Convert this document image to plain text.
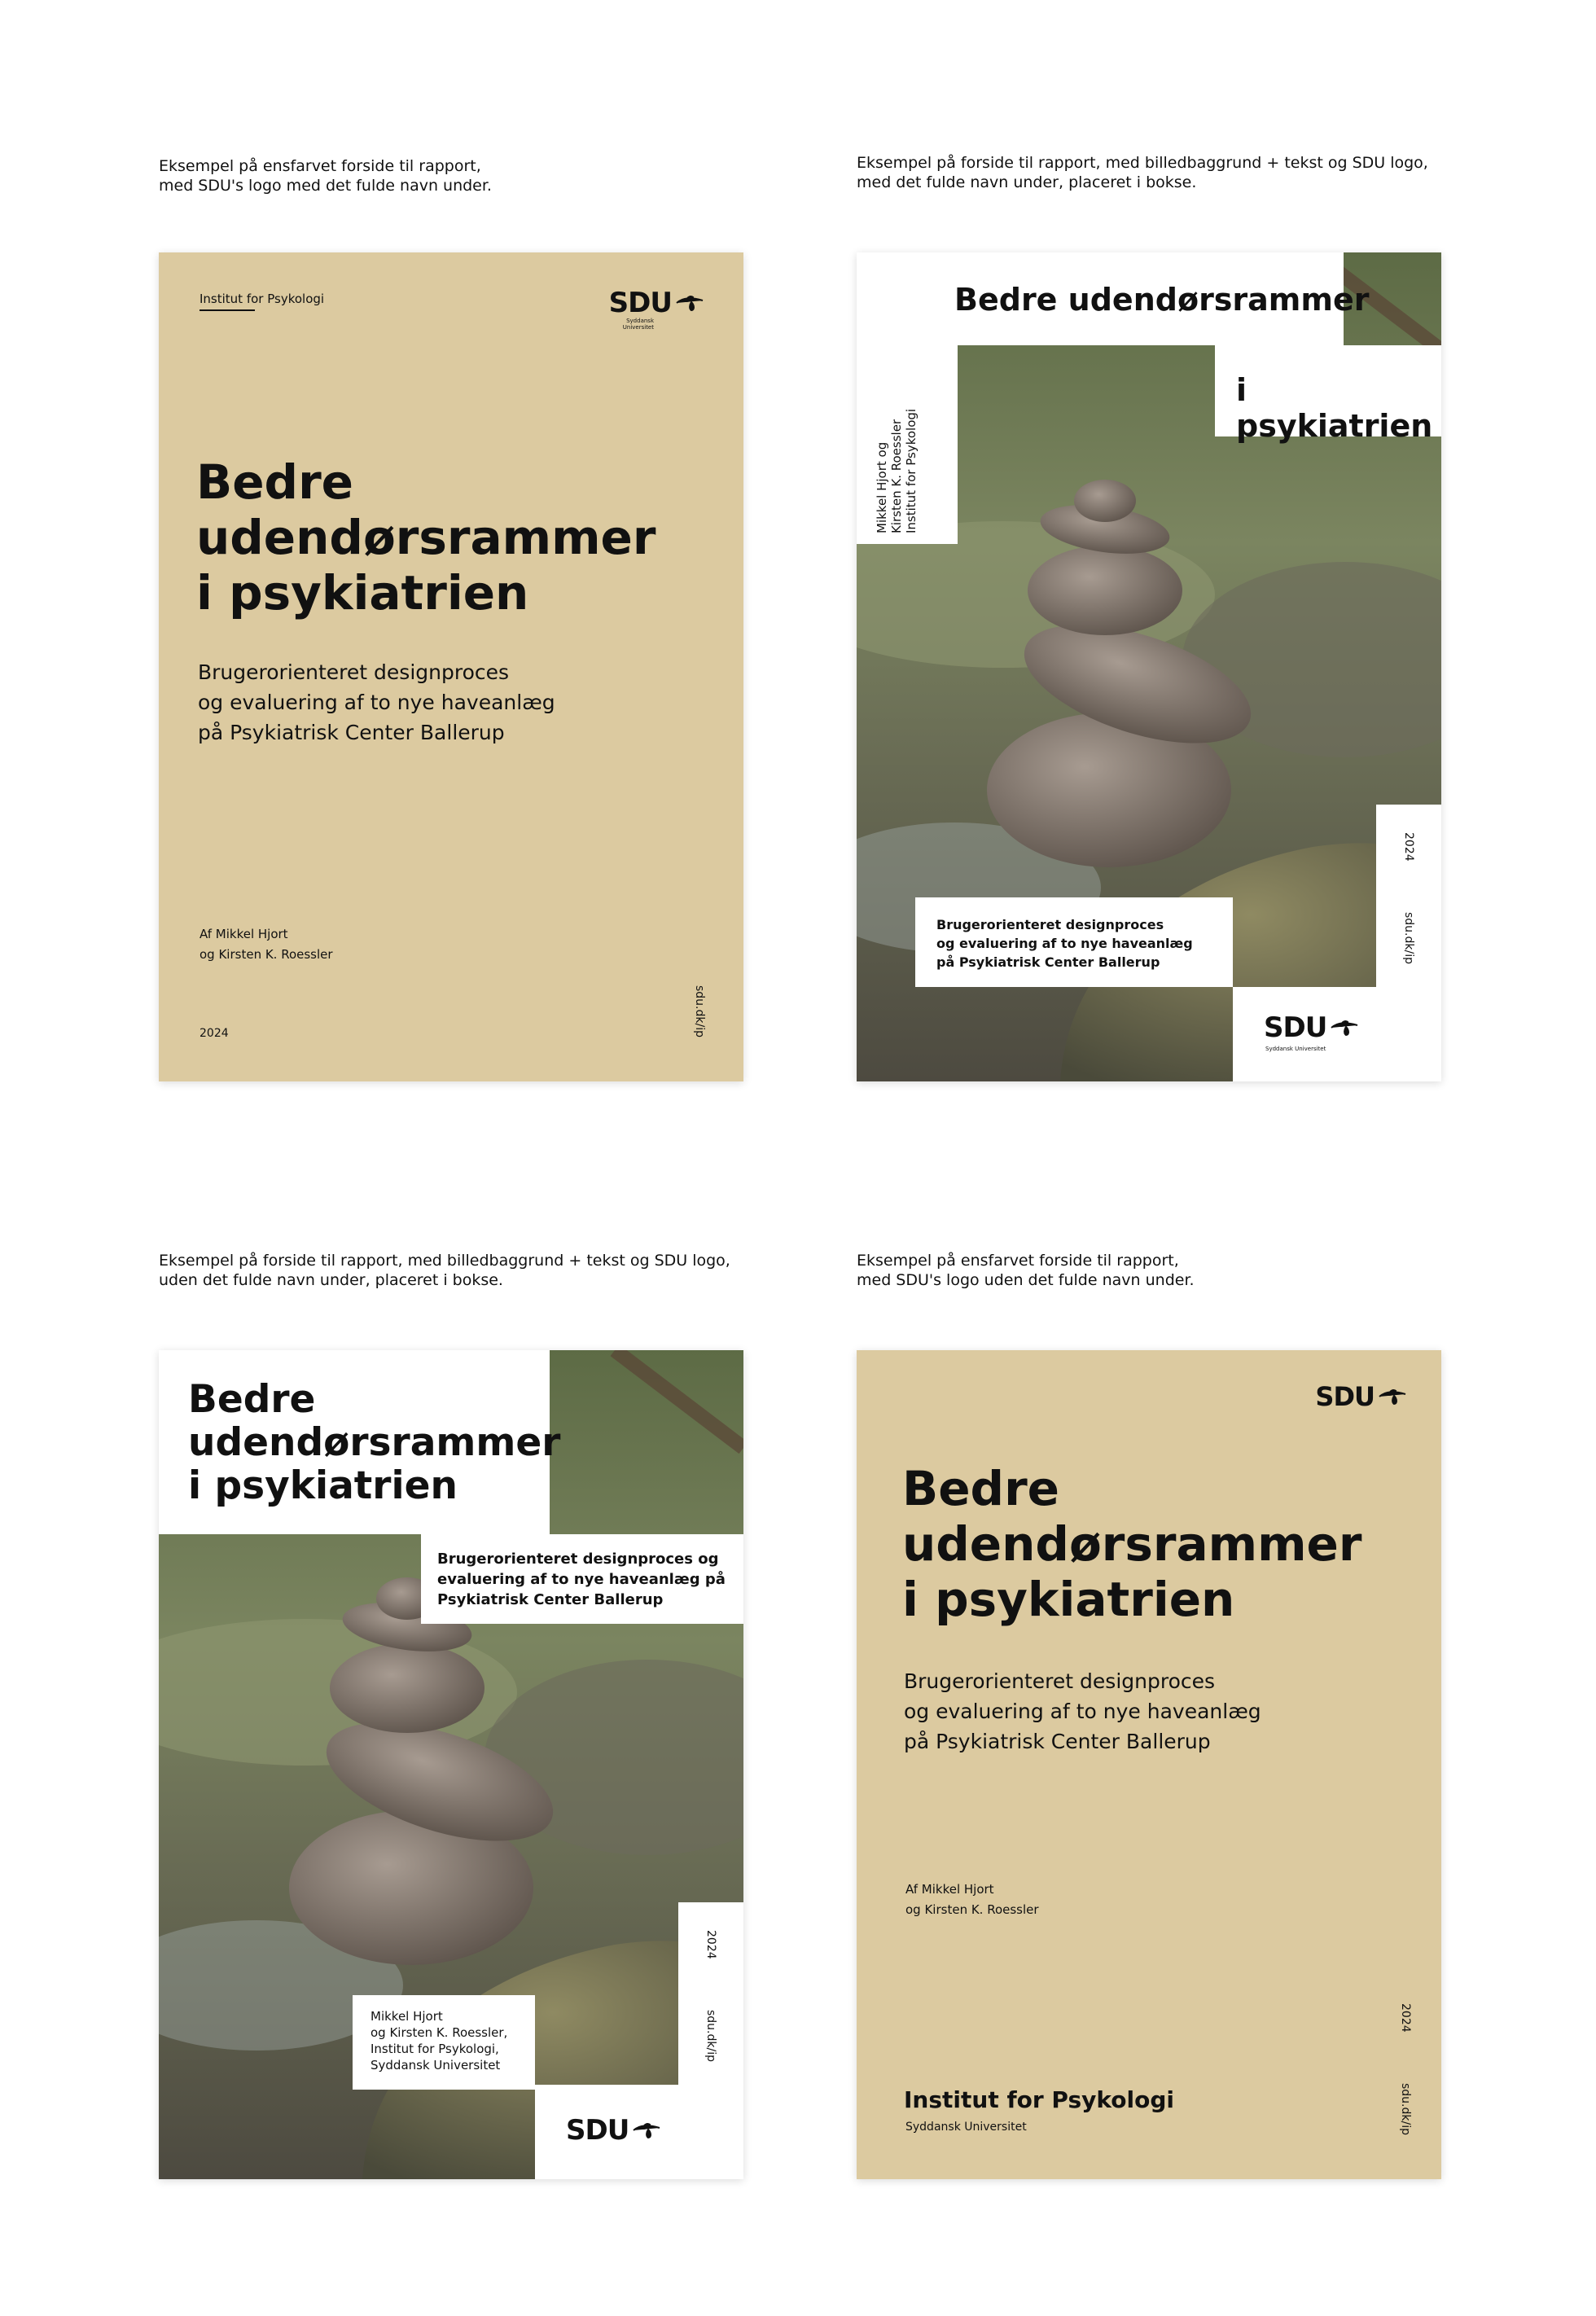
Eksempel på ensfarvet forside til rapport,
med SDU's logo med det fulde navn under.
Eksempel på forside til rapport, med billedbaggrund + tekst og SDU logo,
med det fulde navn under, placeret i bokse.
Eksempel på forside til rapport, med billedbaggrund + tekst og SDU logo,
uden det fulde navn under, placeret i bokse.
Eksempel på ensfarvet forside til rapport,
med SDU's logo uden det fulde navn under.
Institut for Psykologi	SDU
Syddansk Universitet
Bedre
udendørsrammer
i psykiatrien
Brugerorienteret designproces
og evaluering af to nye haveanlæg
på Psykiatrisk Center Ballerup
Af Mikkel Hjort
og Kirsten K. Roessler
2024	sdu.dk/ip
Bedre udendørsrammer
i psykiatrien
Mikkel Hjort og Kirsten K. Roessler Institut for Psykologi
2024
sdu.dk/ip
Brugerorienteret designproces
og evaluering af to nye haveanlæg
på Psykiatrisk Center Ballerup
SDU
Syddansk Universitet
Bedre
udendørsrammer
i psykiatrien
Brugerorienteret designproces og
evaluering af to nye haveanlæg på
Psykiatrisk Center Ballerup
2024
sdu.dk/ip
Mikkel Hjort
og Kirsten K. Roessler,
Institut for Psykologi,
Syddansk Universitet
SDU
SDU
Bedre
udendørsrammer
i psykiatrien
Brugerorienteret designproces
og evaluering af to nye haveanlæg
på Psykiatrisk Center Ballerup
Af Mikkel Hjort
og Kirsten K. Roessler
2024
sdu.dk/ip
Institut for Psykologi
Syddansk Universitet
